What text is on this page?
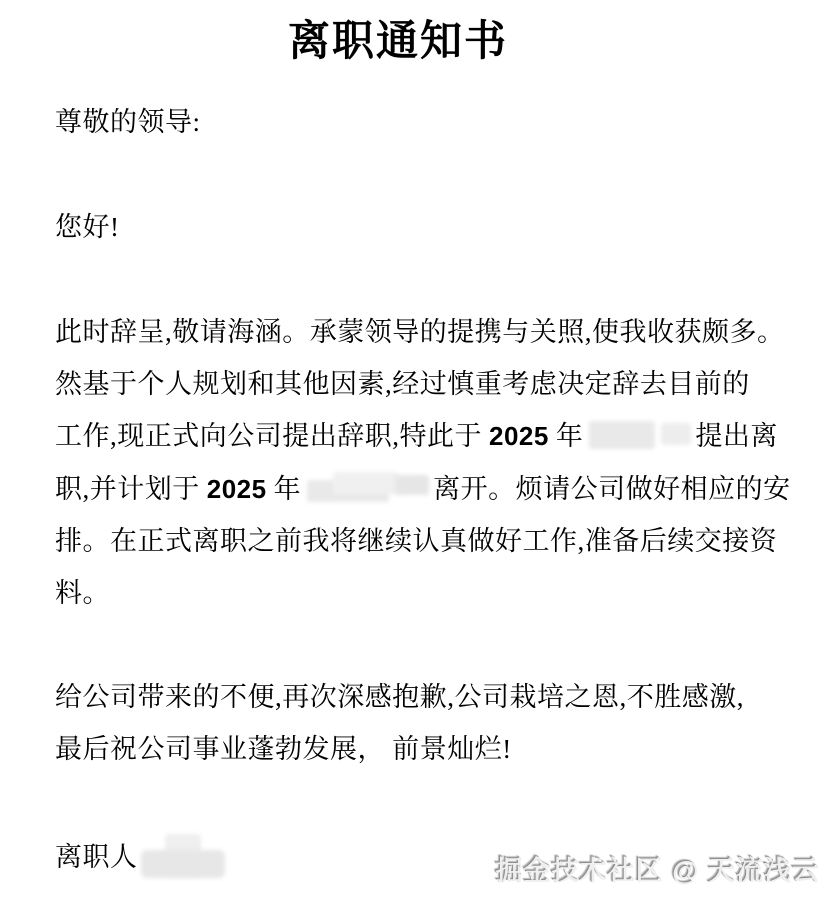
离职通知书
尊敬的领导:
您好!
此时辞呈,敬请海涵。承蒙领导的提携与关照,使我收获颇多。
然基于个人规划和其他因素,经过慎重考虑决定辞去目前的
工作,现正式向公司提出辞职,特此于 2025 年	提出离
职,并计划于 2025 年	离开。烦请公司做好相应的安
排。在正式离职之前我将继续认真做好工作,准备后续交接资
料。
给公司带来的不便,再次深感抱歉,公司栽培之恩,不胜感激,
最后祝公司事业蓬勃发展， 前景灿烂!
离职人	掘金技术社区 @ 天流浅云
